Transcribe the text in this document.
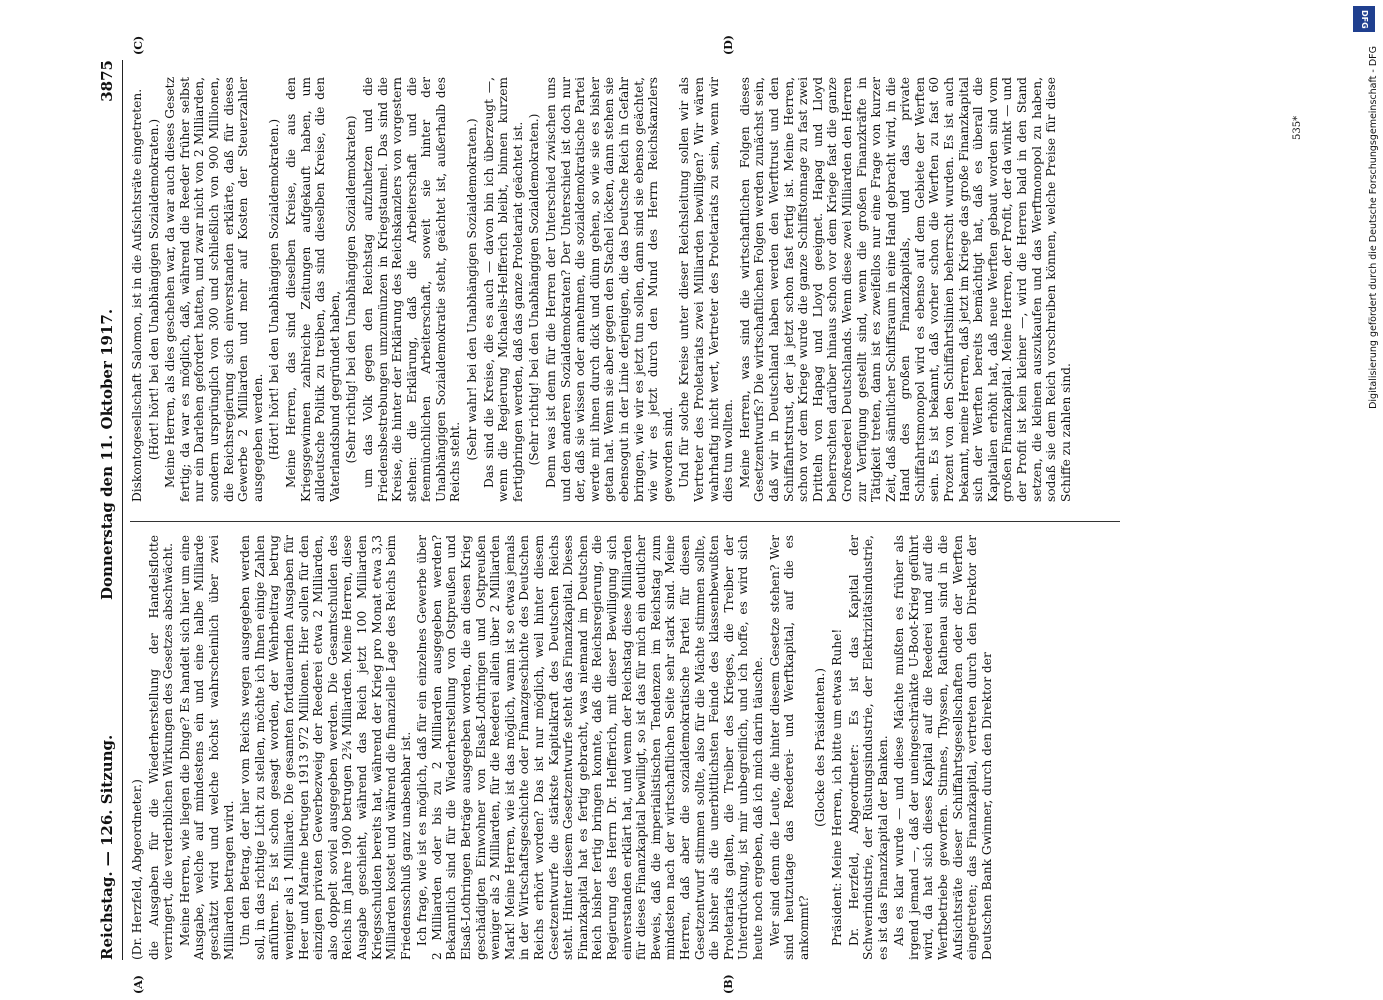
Reichstag. — 126. Sitzung.
Donnerstag den 11. Oktober 1917.
3875
(A)	(B)
(C)	(D)

(Dr. Herzfeld, Abgeordneter.) die Ausgaben für die Wiederherstellung der Handelsflotte verringert, die verderblichen Wirkungen des Gesetzes abschwächt. Meine Herren, wie liegen die Dinge? Es handelt sich hier um eine Ausgabe, welche auf mindestens ein und eine halbe Milliarde geschätzt wird und welche höchst wahrscheinlich über zwei Milliarden betragen wird. Um den Betrag, der hier vom Reichs wegen ausgegeben werden soll, in das richtige Licht zu stellen, möchte ich Ihnen einige Zahlen anführen. Es ist schon gesagt worden, der Wehrbeitrag betrug weniger als 1 Milliarde. Die gesamten fortdauernden Ausgaben für Heer und Marine betrugen 1913 972 Millionen. Hier sollen für den einzigen privaten Gewerbezweig der Reederei etwa 2 Milliarden, also doppelt soviel ausgegeben werden. Die Gesamtschulden des Reichs im Jahre 1900 betrugen 2¾ Milliarden. Meine Herren, diese Ausgabe geschieht, während das Reich jetzt 100 Milliarden Kriegsschulden bereits hat, während der Krieg pro Monat etwa 3,3 Milliarden kostet und während die finanzielle Lage des Reichs beim Friedensschluß ganz unabsehbar ist. Ich frage, wie ist es möglich, daß für ein einzelnes Gewerbe über 2 Milliarden oder bis zu 2 Milliarden ausgegeben werden? Bekanntlich sind für die Wiederherstellung von Ostpreußen und Elsaß-Lothringen Beträge ausgegeben worden, die an diesen Krieg geschädigten Einwohner von Elsaß-Lothringen und Ostpreußen weniger als 2 Milliarden, für die Reederei allein über 2 Milliarden Mark! Meine Herren, wie ist das möglich, wann ist so etwas jemals in der Wirtschaftsgeschichte oder Finanzgeschichte des Deutschen Reichs erhört worden? Das ist nur möglich, weil hinter diesem Gesetzentwurfe die stärkste Kapitalkraft des Deutschen Reichs steht. Hinter diesem Gesetzentwurfe steht das Finanzkapital. Dieses Finanzkapital hat es fertig gebracht, was niemand im Deutschen Reich bisher fertig bringen konnte, daß die Reichsregierung, die Regierung des Herrn Dr. Helfferich, mit dieser Bewilligung sich einverstanden erklärt hat, und wenn der Reichstag diese Milliarden für dieses Finanzkapital bewilligt, so ist das für mich ein deutlicher Beweis, daß die imperialistischen Tendenzen im Reichstag zum mindesten nach der wirtschaftlichen Seite sehr stark sind. Meine Herren, daß aber die sozialdemokratische Partei für diesen Gesetzentwurf stimmen sollte, also für die Mächte stimmen sollte, die bisher als die unerbittlichsten Feinde des klassenbewußten Proletariats galten, die Treiber des Krieges, die Treiber der Unterdrückung, ist mir unbegreiflich, und ich hoffe, es wird sich heute noch ergeben, daß ich mich darin täusche. Wer sind denn die Leute, die hinter diesem Gesetze stehen? Wer sind heutzutage das Reederei- und Werftkapital, auf die es ankommt?

(Glocke des Präsidenten.) Präsident: Meine Herren, ich bitte um etwas Ruhe! Dr. Herzfeld, Abgeordneter: Es ist das Kapital der Schwerindustrie, der Rüstungsindustrie, der Elektrizitätsindustrie, es ist das Finanzkapital der Banken. Als es klar wurde — und diese Mächte mußten es früher als irgend jemand —, daß der uneingeschränkte U-Boot-Krieg geführt wird, da hat sich dieses Kapital auf die Reederei und auf die Werftbetriebe geworfen. Stinnes, Thyssen, Rathenau sind in die Aufsichtsräte dieser Schiffahrtsgesellschaften oder der Werften eingetreten; das Finanzkapital, vertreten durch den Direktor der Deutschen Bank Gwinner, durch den Direktor der

Diskontogesellschaft Salomon, ist in die Aufsichtsräte eingetreten. (Hört! hört! bei den Unabhängigen Sozialdemokraten.) Meine Herren, als dies geschehen war, da war auch dieses Gesetz fertig; da war es möglich, daß, während die Reeder früher selbst nur ein Darlehen gefordert hatten, und zwar nicht von 2 Milliarden, sondern ursprünglich von 300 und schließlich von 900 Millionen, die Reichsregierung sich einverstanden erklärte, daß für dieses Gewerbe 2 Milliarden und mehr auf Kosten der Steuerzahler ausgegeben werden. (Hört! hört! bei den Unabhängigen Sozialdemokraten.) Meine Herren, das sind dieselben Kreise, die aus den Kriegsgewinnen zahlreiche Zeitungen aufgekauft haben, um alldeutsche Politik zu treiben, das sind dieselben Kreise, die den Vaterlandsbund gegründet haben, (Sehr richtig! bei den Unabhängigen Sozialdemokraten) um das Volk gegen den Reichstag aufzuhetzen und die Friedensbestrebungen umzumünzen in Kriegstaumel. Das sind die Kreise, die hinter der Erklärung des Reichskanzlers von vorgestern stehen: die Erklärung, daß die Arbeiterschaft und die feenmünchlichen Arbeiterschaft, soweit sie hinter der Unabhängigen Sozialdemokratie steht, geächtet ist, außerhalb des Reichs steht.

(Sehr wahr! bei den Unabhängigen Sozialdemokraten.) Das sind die Kreise, die es auch — davon bin ich überzeugt —, wenn die Regierung Michaelis-Helfferich bleibt, binnen kurzem fertigbringen werden, daß das ganze Proletariat geächtet ist. (Sehr richtig! bei den Unabhängigen Sozialdemokraten.) Denn was ist denn für die Herren der Unterschied zwischen uns und den anderen Sozialdemokraten? Der Unterschied ist doch nur der, daß sie wissen oder annehmen, die sozialdemokratische Partei werde mit ihnen durch dick und dünn gehen, so wie sie es bisher getan hat. Wenn sie aber gegen den Stachel löcken, dann stehen sie ebensogut in der Linie derjenigen, die das Deutsche Reich in Gefahr bringen, wie wir es jetzt tun sollen, dann sind sie ebenso geächtet, wie wir es jetzt durch den Mund des Herrn Reichskanzlers geworden sind. Und für solche Kreise unter dieser Reichsleitung sollen wir als Vertreter des Proletariats zwei Milliarden bewilligen? Wir wären wahrhaftig nicht wert, Vertreter des Proletariats zu sein, wenn wir dies tun wollten. Meine Herren, was sind die wirtschaftlichen Folgen dieses Gesetzentwurfs? Die wirtschaftlichen Folgen werden zunächst sein, daß wir in Deutschland haben werden den Werfttrust und den Schiffahrtstrust, der ja jetzt schon fast fertig ist. Meine Herren, schon vor dem Kriege wurde die ganze Schiffstonnage zu fast zwei Dritteln von Hapag und Lloyd geeignet. Hapag und Lloyd beherrschten darüber hinaus schon vor dem Kriege fast die ganze Großreederei Deutschlands. Wenn diese zwei Milliarden den Herren zur Verfügung gestellt sind, wenn die großen Finanzkräfte in Tätigkeit treten, dann ist es zweifellos nur eine Frage von kurzer Zeit, daß sämtlicher Schiffsraum in eine Hand gebracht wird, in die Hand des großen Finanzkapitals, und das private Schiffahrtsmonopol wird es ebenso auf dem Gebiete der Werften sein. Es ist bekannt, daß vorher schon die Werften zu fast 60 Prozent von den Schiffahrtslinien beherrscht wurden. Es ist auch bekannt, meine Herren, daß jetzt im Kriege das große Finanzkapital sich der Werften bereits bemächtigt hat, daß es überall die Kapitalien erhöht hat, daß neue Werften gebaut worden sind vom großen Finanzkapital. Meine Herren, der Profit, der da winkt — und der Profit ist kein kleiner —, wird die Herren bald in den Stand setzen, die kleinen auszukaufen und das Werftmonopol zu haben, sodaß sie dem Reich vorschreiben können, welche Preise für diese Schiffe zu zahlen sind.

535*
DFG
Digitalisierung gefördert durch die Deutsche Forschungsgemeinschaft - DFG
